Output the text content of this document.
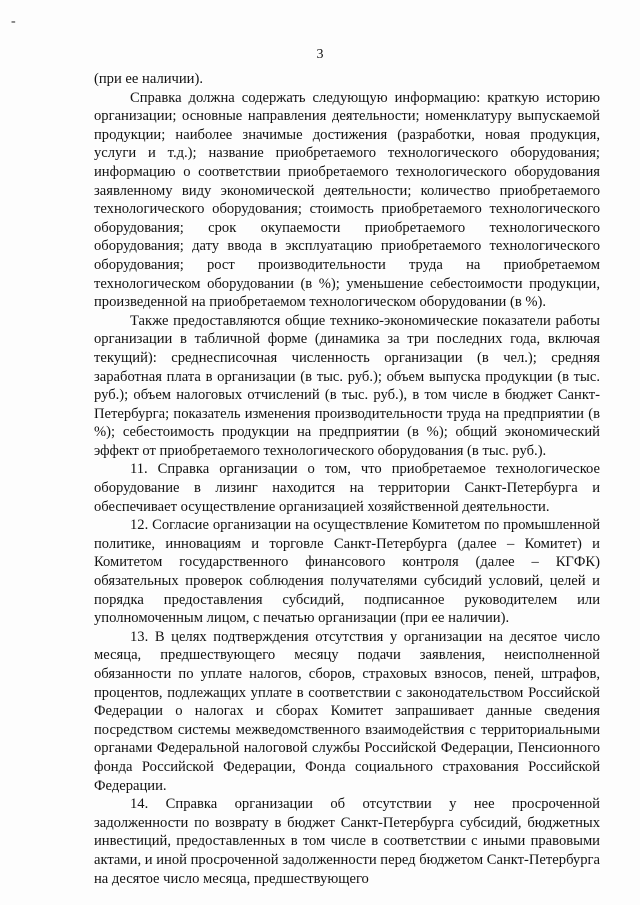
-
3

(при ее наличии).

Справка должна содержать следующую информацию: краткую историю организации; основные направления деятельности; номенклатуру выпускаемой продукции; наиболее значимые достижения (разработки, новая продукция, услуги и т.д.); название приобретаемого технологического оборудования; информацию о соответствии приобретаемого технологического оборудования заявленному виду экономической деятельности; количество приобретаемого технологического оборудования; стоимость приобретаемого технологического оборудования; срок окупаемости приобретаемого технологического оборудования; дату ввода в эксплуатацию приобретаемого технологического оборудования; рост производительности труда на приобретаемом технологическом оборудовании (в %); уменьшение себестоимости продукции, произведенной на приобретаемом технологическом оборудовании (в %).

Также предоставляются общие технико-экономические показатели работы организации в табличной форме (динамика за три последних года, включая текущий): среднесписочная численность организации (в чел.); средняя заработная плата в организации (в тыс. руб.); объем выпуска продукции (в тыс. руб.); объем налоговых отчислений (в тыс. руб.), в том числе в бюджет Санкт-Петербурга; показатель изменения производительности труда на предприятии (в %); себестоимость продукции на предприятии (в %); общий экономический эффект от приобретаемого технологического оборудования (в тыс. руб.).

11. Справка организации о том, что приобретаемое технологическое оборудование в лизинг находится на территории Санкт-Петербурга и обеспечивает осуществление организацией хозяйственной деятельности.

12. Согласие организации на осуществление Комитетом по промышленной политике, инновациям и торговле Санкт-Петербурга (далее – Комитет) и Комитетом государственного финансового контроля (далее – КГФК) обязательных проверок соблюдения получателями субсидий условий, целей и порядка предоставления субсидий, подписанное руководителем или уполномоченным лицом, с печатью организации (при ее наличии).

13. В целях подтверждения отсутствия у организации на десятое число месяца, предшествующего месяцу подачи заявления, неисполненной обязанности по уплате налогов, сборов, страховых взносов, пеней, штрафов, процентов, подлежащих уплате в соответствии с законодательством Российской Федерации о налогах и сборах Комитет запрашивает данные сведения посредством системы межведомственного взаимодействия с территориальными органами Федеральной налоговой службы Российской Федерации, Пенсионного фонда Российской Федерации, Фонда социального страхования Российской Федерации.

14. Справка организации об отсутствии у нее просроченной задолженности по возврату в бюджет Санкт-Петербурга субсидий, бюджетных инвестиций, предоставленных в том числе в соответствии с иными правовыми актами, и иной просроченной задолженности перед бюджетом Санкт-Петербурга на десятое число месяца, предшествующего
